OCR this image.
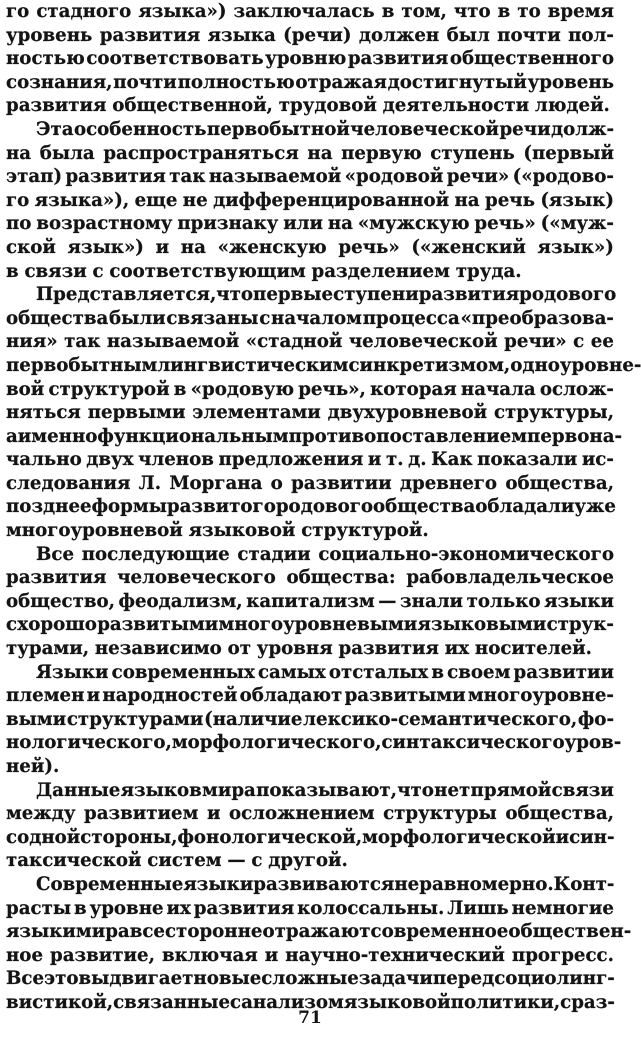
го стадного языка») заключалась в том, что в то время
уровень развития языка (речи) должен был почти пол-
ностью соответствовать уровню развития общественного
сознания, почти полностью отражая достигнутый уровень
развития общественной, трудовой деятельности людей.
Эта особенность первобытной человеческой речи долж-
на была распространяться на первую ступень (первый
этап) развития так называемой «родовой речи» («родово-
го языка»), еще не дифференцированной на речь (язык)
по возрастному признаку или на «мужскую речь» («муж-
ской язык») и на «женскую речь» («женский язык»)
в связи с соответствующим разделением труда.
Представляется, что первые ступени развития родового
общества были связаны с началом процесса «преобразова-
ния» так называемой «стадной человеческой речи» с ее
первобытным лингвистическим синкретизмом, одноуровне-
вой структурой в «родовую речь», которая начала ослож-
няться первыми элементами двухуровневой структуры,
а именно функциональным противопоставлением первона-
чально двух членов предложения и т. д. Как показали ис-
следования Л. Моргана о развитии древнего общества,
позднее формы развитого родового общества обладали уже
многоуровневой языковой структурой.
Все последующие стадии социально-экономического
развития человеческого общества: рабовладельческое
общество, феодализм, капитализм — знали только языки
с хорошо развитыми многоуровневыми языковыми струк-
турами, независимо от уровня развития их носителей.
Языки современных самых отсталых в своем развитии
племен и народностей обладают развитыми многоуровне-
выми структурами (наличие лексико-семантического, фо-
нологического, морфологического, синтаксического уров-
ней).
Данные языков мира показывают, что нет прямой связи
между развитием и осложнением структуры общества,
с одной стороны, фонологической, морфологической и син-
таксической систем — с другой.
Современные языки развиваются неравномерно. Конт-
расты в уровне их развития колоссальны. Лишь немногие
языки мира всесторонне отражают современное обществен-
ное развитие, включая и научно-технический прогресс.
Все это выдвигает новые сложные задачи перед социолинг-
вистикой, связанные с анализом языковой политики, с раз-
71
